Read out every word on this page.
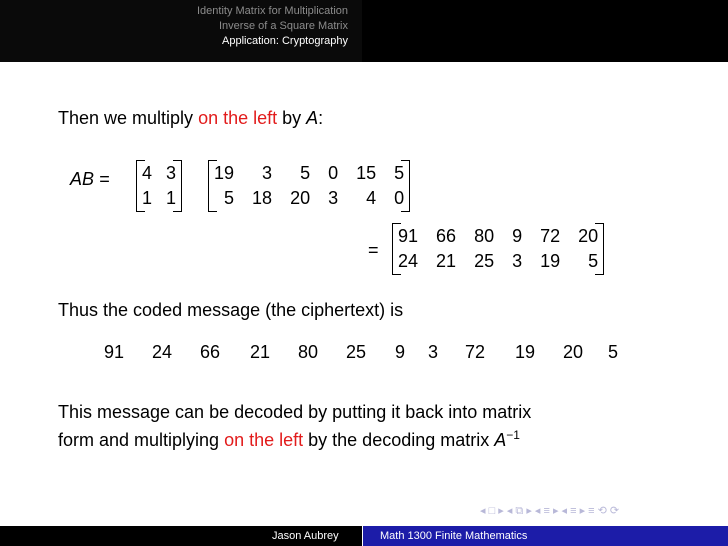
Identity Matrix for Multiplication
Inverse of a Square Matrix
Application: Cryptography
Then we multiply on the left by A:
AB = 4 3
1 1
19	3	5	0	15	5
5	18	20	3	4	0
=
91	66	80	9	72	20
24	21	25	3	19	5
Thus the coded message (the ciphertext) is
91 24 66 21 80 25 9 3 72 19 20 5
This message can be decoded by putting it back into matrix
form and multiplying on the left by the decoding matrix $A^{-1}$
◂ □ ▸ ◂ ⧉ ▸ ◂ ≡ ▸ ◂ ≡ ▸ ≡ ⟲ ⟳
Jason Aubrey	Math 1300 Finite Mathematics
